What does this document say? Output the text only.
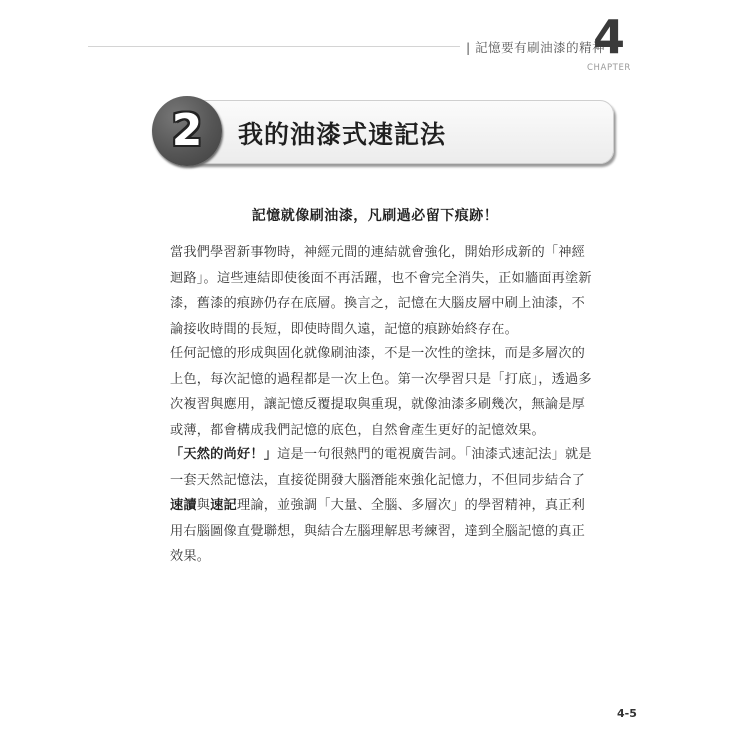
| 記憶要有刷油漆的精神
4
CHAPTER
2	我的油漆式速記法
記憶就像刷油漆，凡刷過必留下痕跡！
當我們學習新事物時，神經元間的連結就會強化，開始形成新的「神經
迴路」。這些連結即使後面不再活躍，也不會完全消失，正如牆面再塗新
漆，舊漆的痕跡仍存在底層。換言之，記憶在大腦皮層中刷上油漆，不
論接收時間的長短，即使時間久遠，記憶的痕跡始終存在。
任何記憶的形成與固化就像刷油漆，不是一次性的塗抹，而是多層次的
上色，每次記憶的過程都是一次上色。第一次學習只是「打底」，透過多
次複習與應用，讓記憶反覆提取與重現，就像油漆多刷幾次，無論是厚
或薄，都會構成我們記憶的底色，自然會產生更好的記憶效果。
「天然的尚好！」這是一句很熱門的電視廣告詞。「油漆式速記法」就是
一套天然記憶法，直接從開發大腦潛能來強化記憶力，不但同步結合了
速讀與速記理論，並強調「大量、全腦、多層次」的學習精神，真正利
用右腦圖像直覺聯想，與結合左腦理解思考練習，達到全腦記憶的真正
效果。
4-5
